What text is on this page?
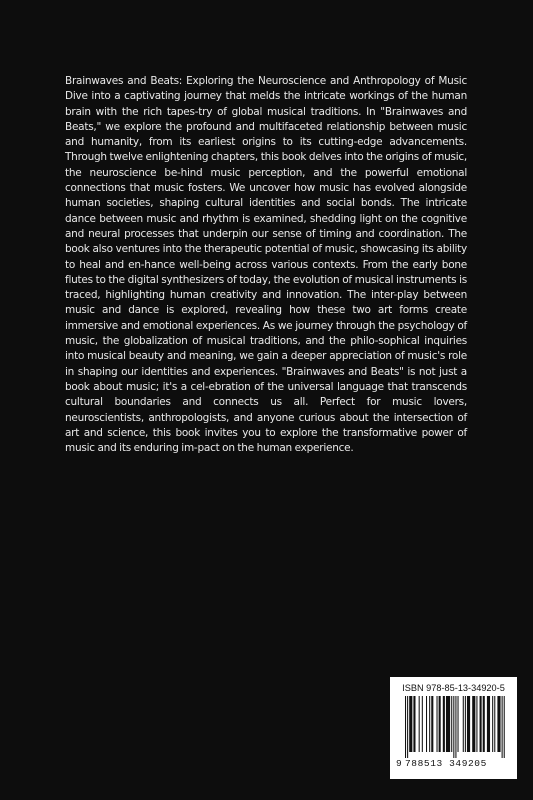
Brainwaves and Beats: Exploring the Neuroscience and Anthropology of Music Dive into a captivating journey that melds the intricate workings of the human brain with the rich tapes-try of global musical traditions. In "Brainwaves and Beats," we explore the profound and multifaceted relationship between music and humanity, from its earliest origins to its cutting-edge advancements. Through twelve enlightening chapters, this book delves into the origins of music, the neuroscience be-hind music perception, and the powerful emotional connections that music fosters. We uncover how music has evolved alongside human societies, shaping cultural identities and social bonds. The intricate dance between music and rhythm is examined, shedding light on the cognitive and neural processes that underpin our sense of timing and coordination. The book also ventures into the therapeutic potential of music, showcasing its ability to heal and en-hance well-being across various contexts. From the early bone flutes to the digital synthesizers of today, the evolution of musical instruments is traced, highlighting human creativity and innovation. The inter-play between music and dance is explored, revealing how these two art forms create immersive and emotional experiences. As we journey through the psychology of music, the globalization of musical traditions, and the philo-sophical inquiries into musical beauty and meaning, we gain a deeper appreciation of music's role in shaping our identities and experiences. "Brainwaves and Beats" is not just a book about music; it's a cel-ebration of the universal language that transcends cultural boundaries and connects us all. Perfect for music lovers, neuroscientists, anthropologists, and anyone curious about the intersection of art and science, this book invites you to explore the transformative power of music and its enduring im-pact on the human experience.

ISBN 978-85-13-34920-5
9 788513 349205
